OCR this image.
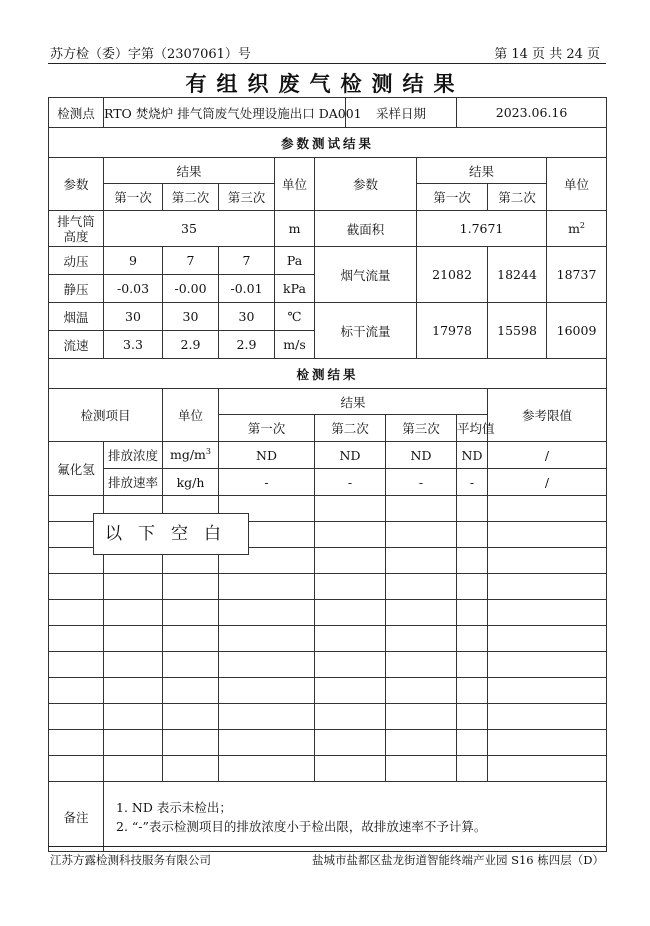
苏方检（委）字第（2307061）号	第 14 页 共 24 页
有组织废气检测结果
检测点	RTO 焚烧炉 排气筒废气处理设施出口 DA001					采样日期			2023.06.16			
参数测试结果												
参数	结果			单位	参数			结果			单位	
	第一次	第二次	第三次					第一次		第二次	
排气筒高度	35			m	截面积			1.7671			$m^2$
动压	9	7	7	Pa	烟气流量			21082		18244	18737	
静压	-0.03	-0.00	-0.01	kPa								
烟温	30	30	30	℃	标干流量			17978		15598	16009	
流速	3.3	2.9	2.9	m/s								
检测结果												
检测项目		单位	结果							参考限值		
			第一次		第二次		第三次		平均值			
氟化氢	排放浓度	$mg/m^3$	ND		ND		ND		ND	/		
	排放速率	kg/h	-		-		-		-	/		

备注	1. ND 表示未检出；
2. “-”表示检测项目的排放浓度小于检出限，故排放速率不予计算。											
以下空白
江苏方露检测科技服务有限公司	盐城市盐都区盐龙街道智能终端产业园 S16 栋四层（D）
